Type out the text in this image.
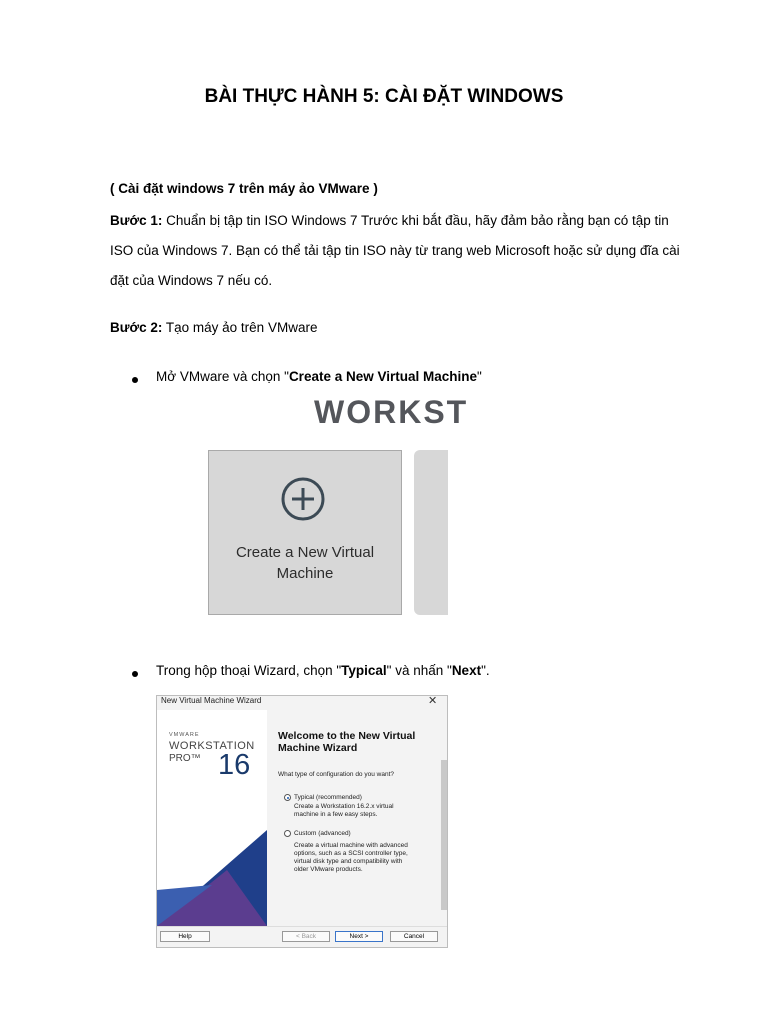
BÀI THỰC HÀNH 5: CÀI ĐẶT WINDOWS
( Cài đặt windows 7 trên máy ảo VMware )
Bước 1: Chuẩn bị tập tin ISO Windows 7 Trước khi bắt đầu, hãy đảm bảo rằng bạn có tập tin
ISO của Windows 7. Bạn có thể tải tập tin ISO này từ trang web Microsoft hoặc sử dụng đĩa cài
đặt của Windows 7 nếu có.
Bước 2: Tạo máy ảo trên VMware
Mở VMware và chọn "Create a New Virtual Machine"
WORKST
Create a New Virtual
Machine
Trong hộp thoại Wizard, chọn "Typical" và nhấn "Next".
New Virtual Machine Wizard	✕
VMWARE
WORKSTATION
PRO™ 16
Welcome to the New Virtual
Machine Wizard
What type of configuration do you want?
Typical (recommended)
Create a Workstation 16.2.x virtual
machine in a few easy steps.
Custom (advanced)
Create a virtual machine with advanced
options, such as a SCSI controller type,
virtual disk type and compatibility with
older VMware products.
Help	< Back	Next >	Cancel
